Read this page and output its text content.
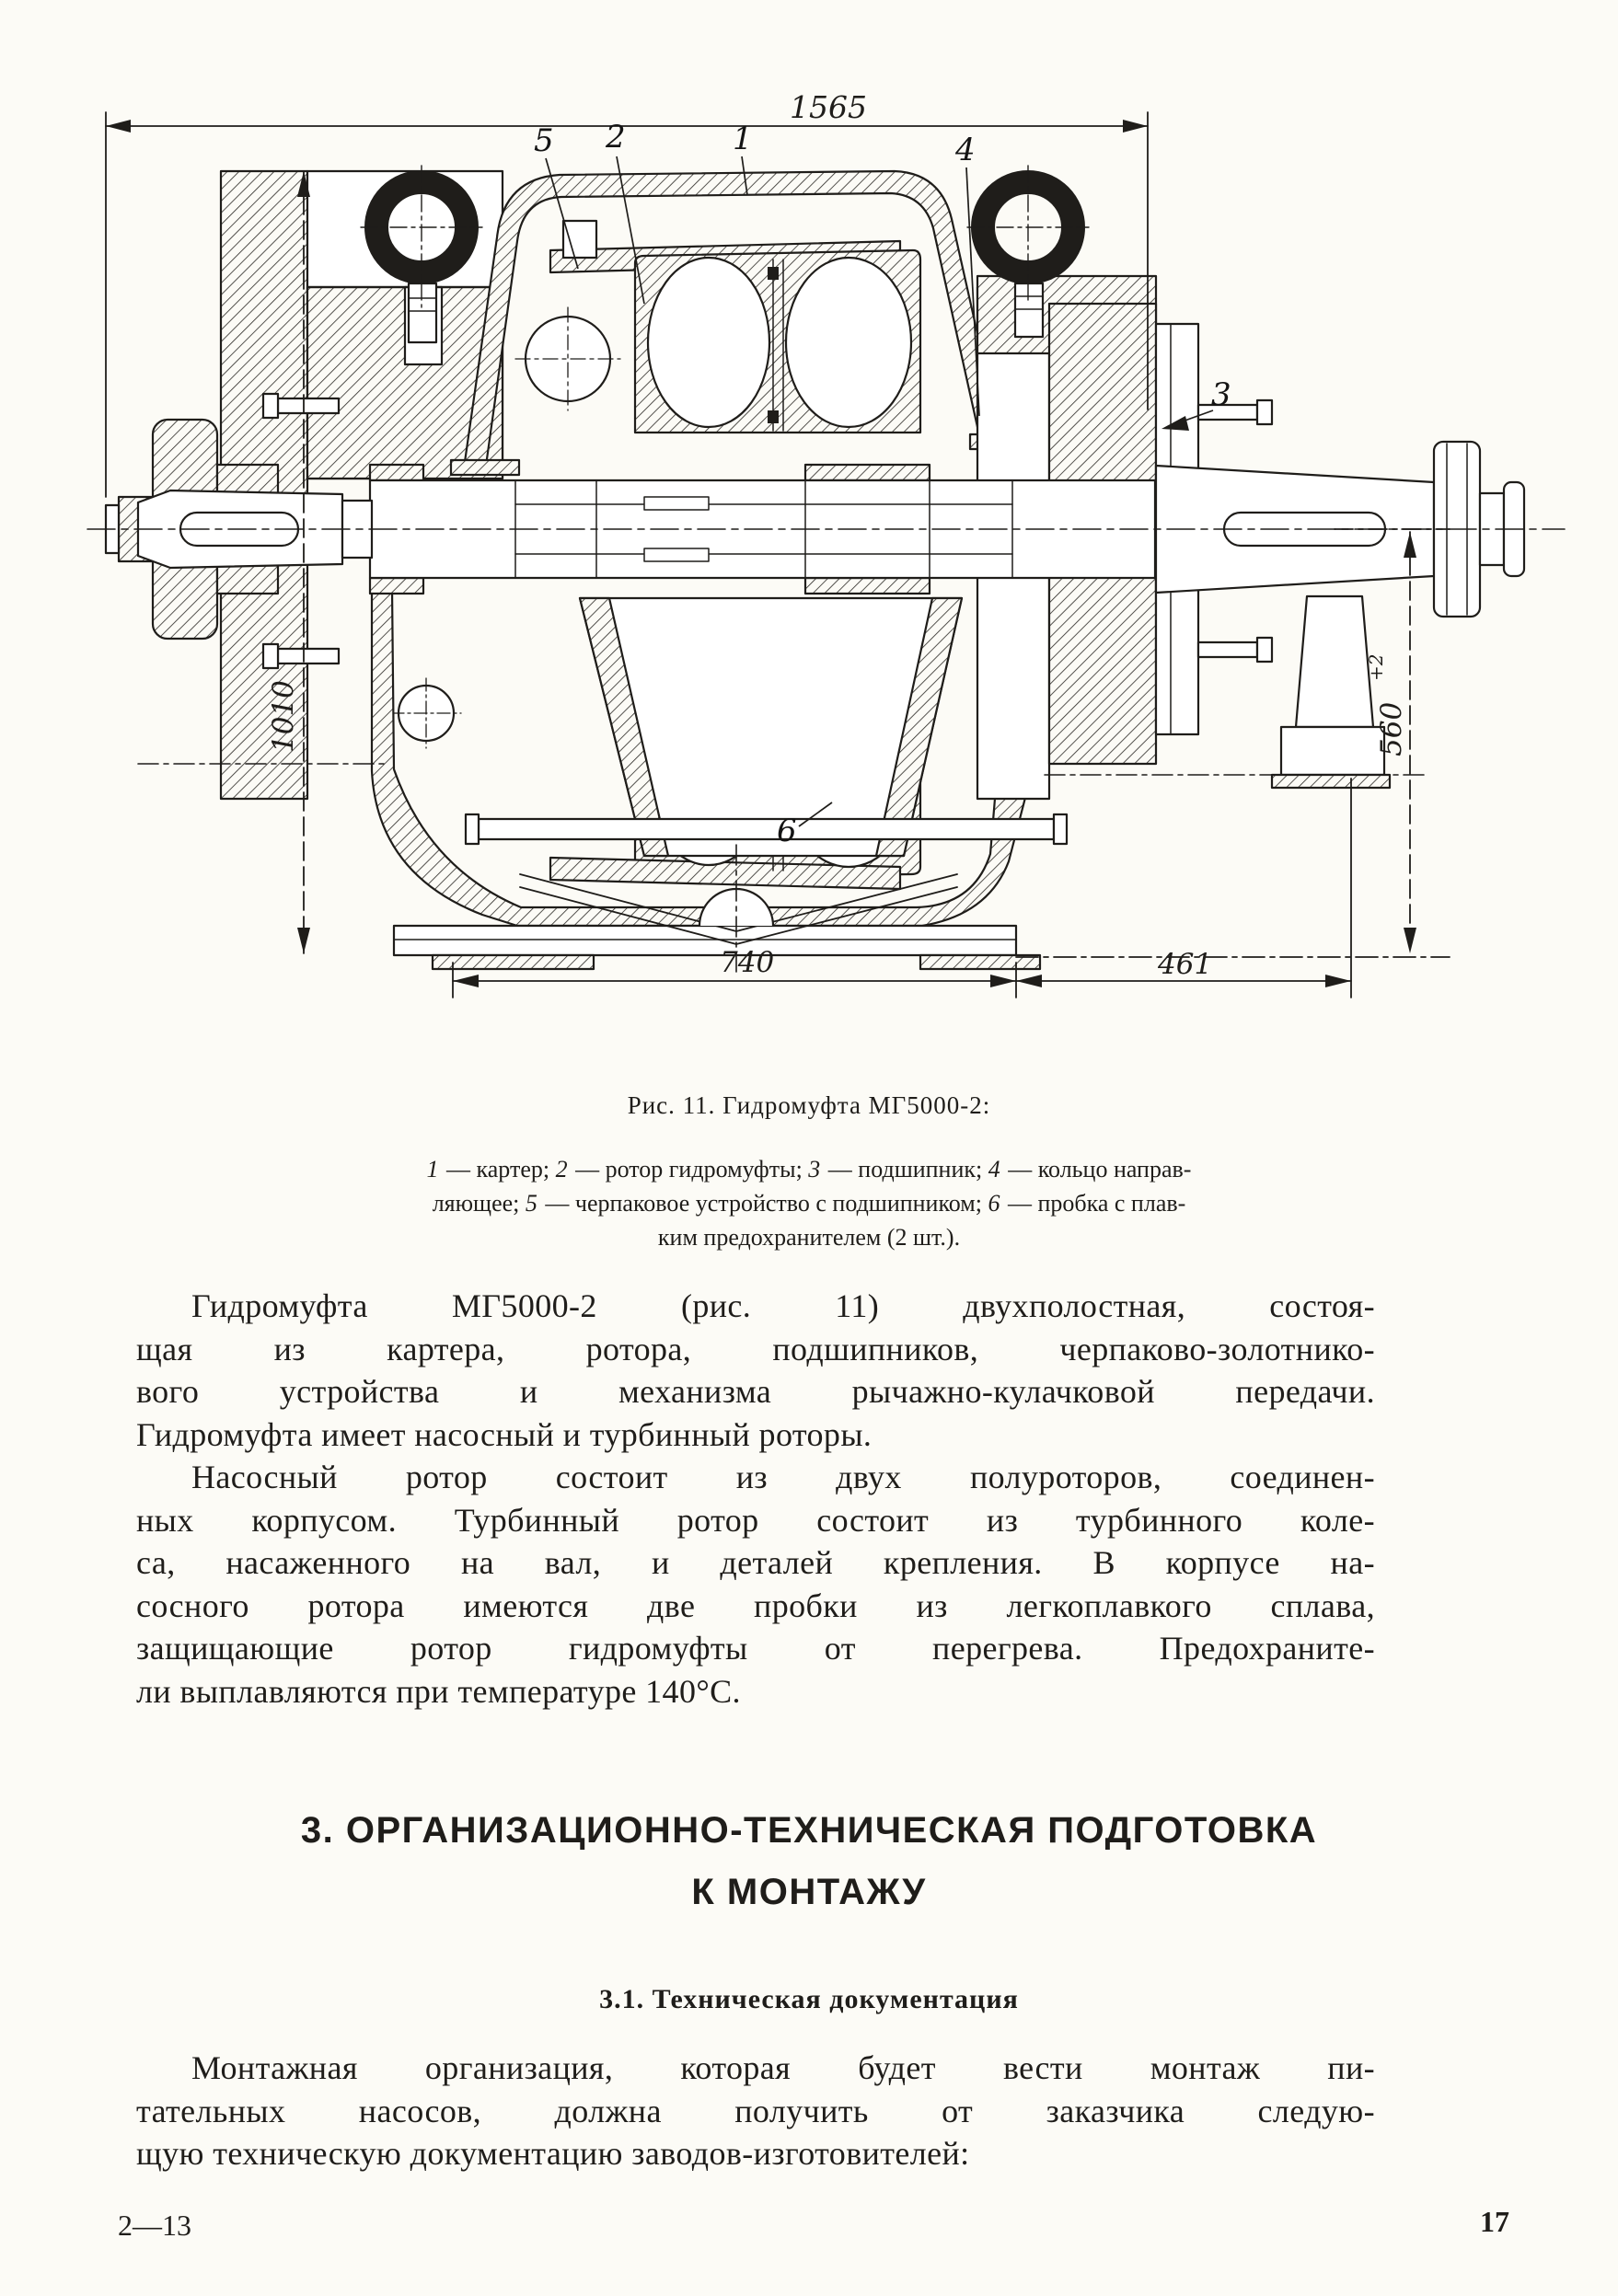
1565
1010	560
+2
740	461
5 2	1	4
3
6
Рис. 11. Гидромуфта МГ5000-2:
1 — картер; 2 — ротор гидромуфты; 3 — подшипник; 4 — кольцо направ-
ляющее; 5 — черпаковое устройство с подшипником; 6 — пробка с плав-
ким предохранителем (2 шт.).
Гидромуфта МГ5000-2 (рис. 11) двухполостная, состоя-
щая из картера, ротора, подшипников, черпаково-золотнико-
вого устройства и механизма рычажно-кулачковой передачи.
Гидромуфта имеет насосный и турбинный роторы.
Насосный ротор состоит из двух полуроторов, соединен-
ных корпусом. Турбинный ротор состоит из турбинного коле-
са, насаженного на вал, и деталей крепления. В корпусе на-
сосного ротора имеются две пробки из легкоплавкого сплава,
защищающие ротор гидромуфты от перегрева. Предохраните-
ли выплавляются при температуре 140°С.
3. ОРГАНИЗАЦИОННО-ТЕХНИЧЕСКАЯ ПОДГОТОВКА
К МОНТАЖУ
3.1. Техническая документация
Монтажная организация, которая будет вести монтаж пи-
тательных насосов, должна получить от заказчика следую-
щую техническую документацию заводов-изготовителей:
2—13	17
